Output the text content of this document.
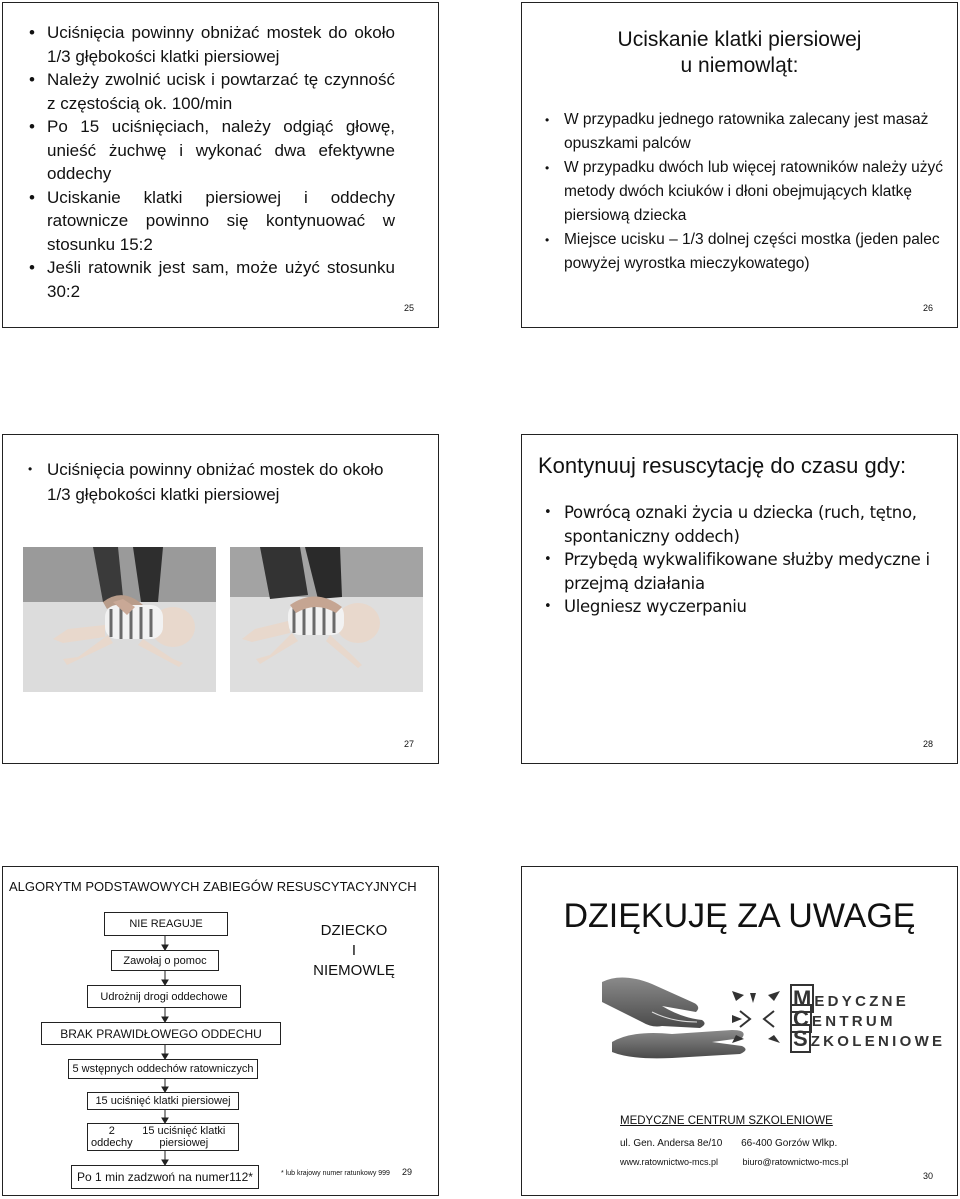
• Uciśnięcia powinny obniżać mostek do około 1/3 głębokości klatki piersiowej
• Należy zwolnić ucisk i powtarzać tę czynność z częstością ok. 100/min
• Po 15 uciśnięciach, należy odgiąć głowę, unieść żuchwę i wykonać dwa efektywne oddechy
• Uciskanie klatki piersiowej i oddechy ratownicze powinno się kontynuować w stosunku 15:2
• Jeśli ratownik jest sam, może użyć stosunku 30:2
25
Uciskanie klatki piersiowej
u niemowląt:
• W przypadku jednego ratownika zalecany jest masaż opuszkami palców
• W przypadku dwóch lub więcej ratowników należy użyć metody dwóch kciuków i dłoni obejmujących klatkę piersiową dziecka
• Miejsce ucisku – 1/3 dolnej części mostka (jeden palec powyżej wyrostka mieczykowatego)
26
• Uciśnięcia powinny obniżać mostek do około 1/3 głębokości klatki piersiowej
27
Kontynuuj resuscytację do czasu gdy:
• Powrócą oznaki życia u dziecka (ruch, tętno, spontaniczny oddech)
• Przybędą wykwalifikowane służby medyczne i przejmą działania
• Ulegniesz wyczerpaniu
28
ALGORYTM PODSTAWOWYCH ZABIEGÓW RESUSCYTACYJNYCH
NIE REAGUJE
Zawołaj o pomoc
Udrożnij drogi oddechowe
BRAK PRAWIDŁOWEGO ODDECHU
5 wstępnych oddechów ratowniczych
15 uciśnięć klatki piersiowej
2 oddechy
15 uciśnięć klatki piersiowej
Po 1 min zadzwoń na numer112*
DZIECKO
I
NIEMOWLĘ
* lub krajowy numer ratunkowy 999 29
DZIĘKUJĘ ZA UWAGĘ
M EDYCZNE
C ENTRUM
S ZKOLENIOWE
MEDYCZNE CENTRUM SZKOLENIOWE
ul. Gen. Andersa 8e/10 66-400 Gorzów Wlkp.
www.ratownictwo-mcs.pl	biuro@ratownictwo-mcs.pl
30
